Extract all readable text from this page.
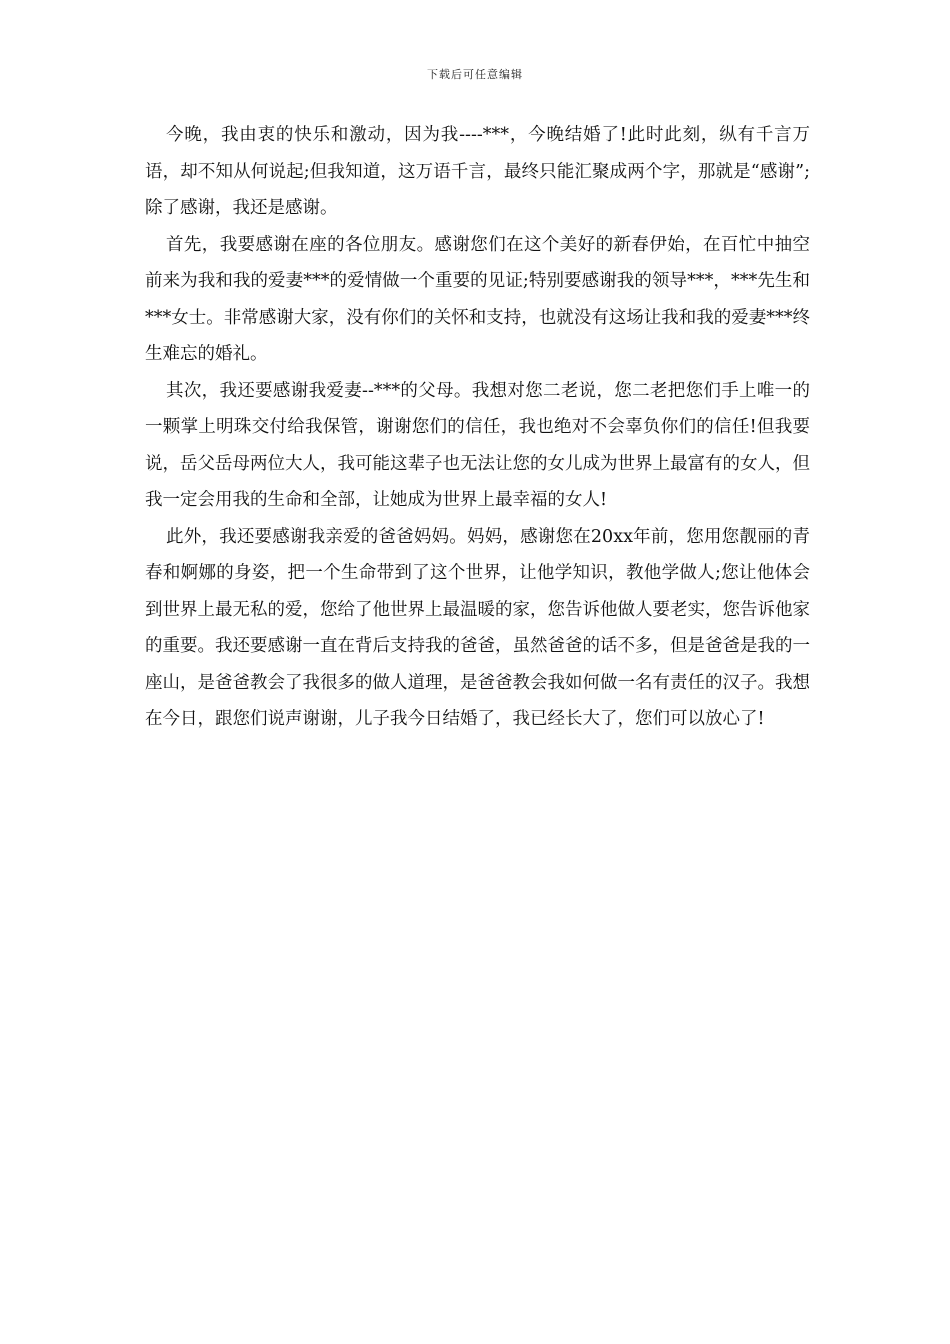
下载后可任意编辑

今晚，我由衷的快乐和激动，因为我----***，今晚结婚了!此时此刻，纵有千言万语，却不知从何说起;但我知道，这万语千言，最终只能汇聚成两个字，那就是“感谢”;除了感谢，我还是感谢。

首先，我要感谢在座的各位朋友。感谢您们在这个美好的新春伊始，在百忙中抽空前来为我和我的爱妻***的爱情做一个重要的见证;特别要感谢我的领导***，***先生和***女士。非常感谢大家，没有你们的关怀和支持，也就没有这场让我和我的爱妻***终生难忘的婚礼。

其次，我还要感谢我爱妻--***的父母。我想对您二老说，您二老把您们手上唯一的一颗掌上明珠交付给我保管，谢谢您们的信任，我也绝对不会辜负你们的信任!但我要说，岳父岳母两位大人，我可能这辈子也无法让您的女儿成为世界上最富有的女人，但我一定会用我的生命和全部，让她成为世界上最幸福的女人!

此外，我还要感谢我亲爱的爸爸妈妈。妈妈，感谢您在20xx年前，您用您靓丽的青春和婀娜的身姿，把一个生命带到了这个世界，让他学知识，教他学做人;您让他体会到世界上最无私的爱，您给了他世界上最温暖的家，您告诉他做人要老实，您告诉他家的重要。我还要感谢一直在背后支持我的爸爸，虽然爸爸的话不多，但是爸爸是我的一座山，是爸爸教会了我很多的做人道理，是爸爸教会我如何做一名有责任的汉子。我想在今日，跟您们说声谢谢，儿子我今日结婚了，我已经长大了，您们可以放心了!
